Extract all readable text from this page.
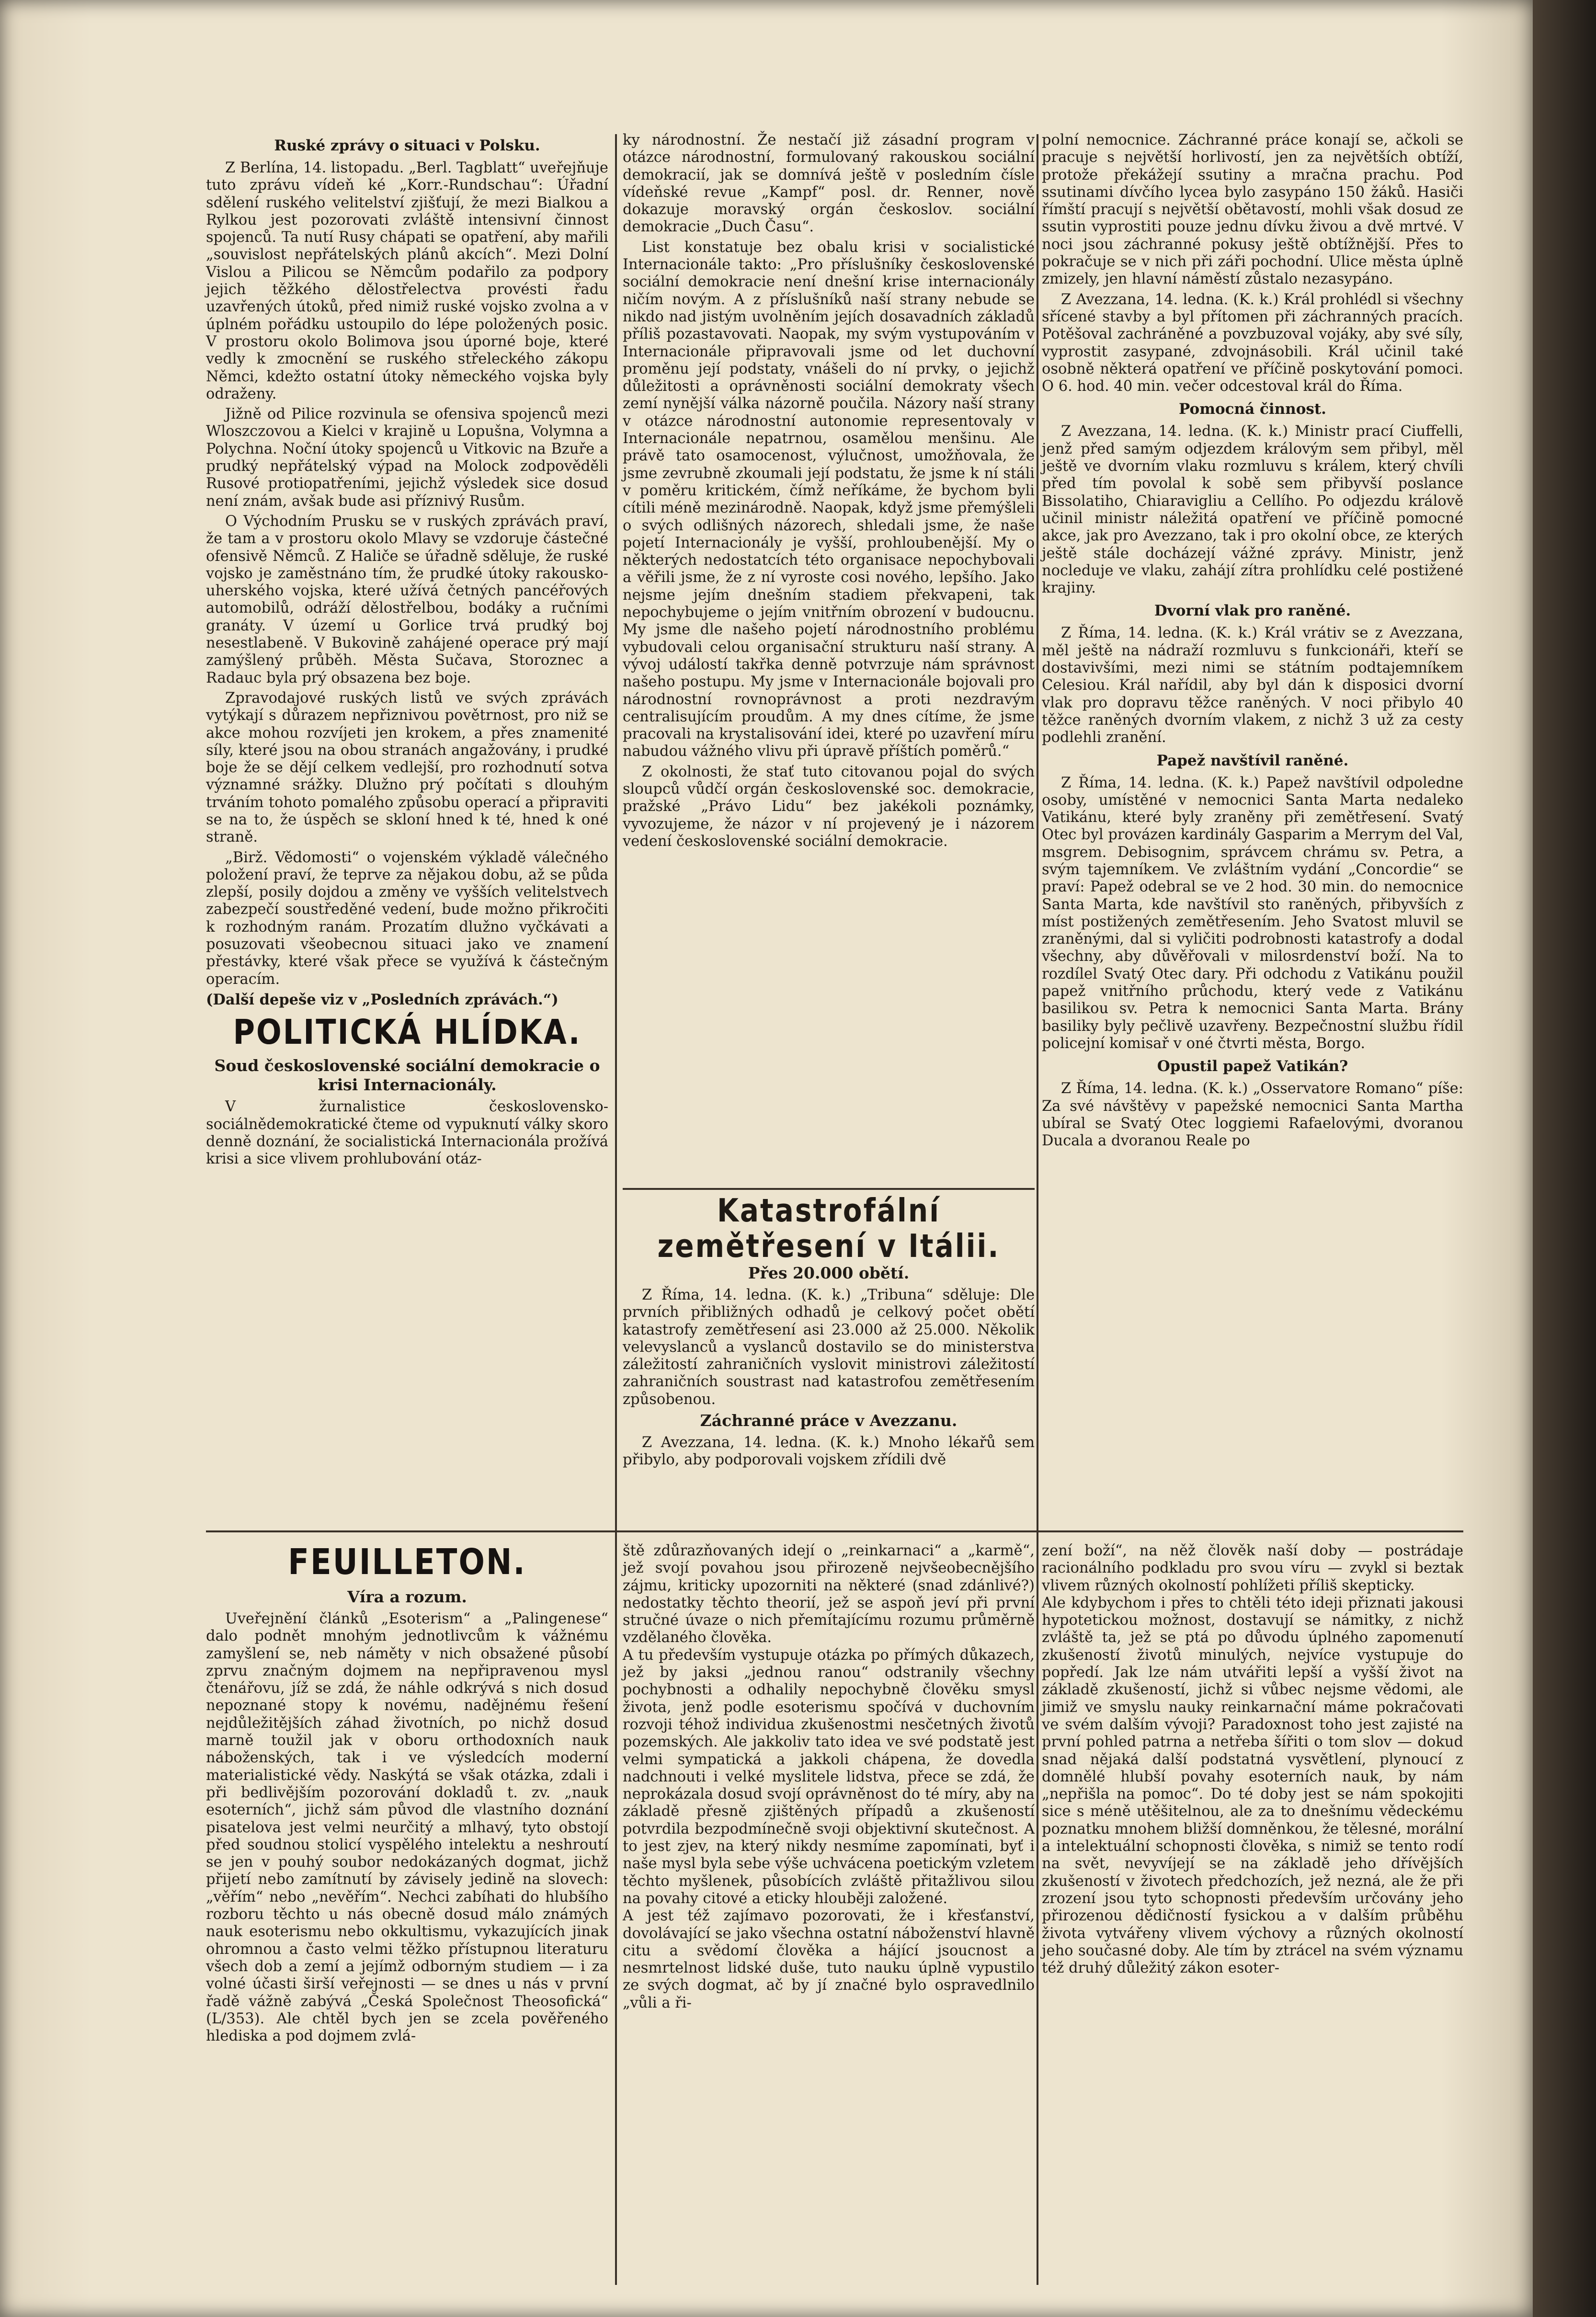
Ruské zprávy o situaci v Polsku.

Z Berlína, 14. listopadu. „Berl. Tagblatt“ uveřejňuje tuto zprávu vídeň ké „Korr.-Rundschau“: Úřadní sdělení ruského velitelství zjišťují, že mezi Bialkou a Rylkou jest pozorovati zvláště intensivní činnost spojenců. Ta nutí Rusy chápati se opatření, aby mařili „souvislost nepřátelských plánů akcích“. Mezi Dolní Vislou a Pilicou se Němcům podařilo za podpory jejich těžkého dělostřelectva provésti řadu uzavřených útoků, před nimiž ruské vojsko zvolna a v úplném pořádku ustoupilo do lépe položených posic. V prostoru okolo Bolimova jsou úporné boje, které vedly k zmocnění se ruského střeleckého zákopu Němci, kdežto ostatní útoky německého vojska byly odraženy.

Jižně od Pilice rozvinula se ofensiva spojenců mezi Wloszczovou a Kielci v krajině u Lopušna, Volymna a Polychna. Noční útoky spojenců u Vitkovic na Bzuře a prudký nepřátelský výpad na Molock zodpověděli Rusové protiopatřeními, jejichž výsledek sice dosud není znám, avšak bude asi příznivý Rusům.

O Východním Prusku se v ruských zprávách praví, že tam a v prostoru okolo Mlavy se vzdoruje částečné ofensivě Němců. Z Haliče se úřadně sděluje, že ruské vojsko je zaměstnáno tím, že prudké útoky rakousko-uherského vojska, které užívá četných pancéřových automobilů, odráží dělostřelbou, bodáky a ručními granáty. V území u Gorlice trvá prudký boj nesestlabeně. V Bukovině zahájené operace prý mají zamýšlený průběh. Města Sučava, Storoznec a Radauc byla prý obsazena bez boje.

Zpravodajové ruských listů ve svých zprávách vytýkají s důrazem nepřiznivou povětrnost, pro niž se akce mohou rozvíjeti jen krokem, a přes znamenité síly, které jsou na obou stranách angažovány, i prudké boje že se dějí celkem vedlejší, pro rozhodnutí sotva významné srážky. Dlužno prý počítati s dlouhým trváním tohoto pomalého způsobu operací a připraviti se na to, že úspěch se skloní hned k té, hned k oné straně.

„Birž. Vědomosti“ o vojenském výkladě válečného položení praví, že teprve za nějakou dobu, až se půda zlepší, posily dojdou a změny ve vyšších velitelstvech zabezpečí soustředěné vedení, bude možno přikročiti k rozhodným ranám. Prozatím dlužno vyčkávati a posuzovati všeobecnou situaci jako ve znamení přestávky, které však přece se využívá k částečným operacím.

(Další depeše viz v „Posledních zprávách.“)

POLITICKÁ HLÍDKA.
Soud československé sociální demokracie o krisi Internacionály.

V žurnalistice československo-sociálnědemokratické čteme od vypuknutí války skoro denně doznání, že socialistická Internacionála prožívá krisi a sice vlivem prohlubování otáz-

ky národnostní. Že nestačí již zásadní program v otázce národnostní, formulovaný rakouskou sociální demokracií, jak se domnívá ještě v posledním čísle vídeňské revue „Kampf“ posl. dr. Renner, nově dokazuje moravský orgán českoslov. sociální demokracie „Duch Času“.

List konstatuje bez obalu krisi v socialistické Internacionále takto: „Pro příslušníky československé sociální demokracie není dnešní krise internacionály ničím novým. A z příslušníků naší strany nebude se nikdo nad jistým uvolněním jejích dosavadních základů příliš pozastavovati. Naopak, my svým vystupováním v Internacionále připravovali jsme od let duchovní proměnu její podstaty, vnášeli do ní prvky, o jejichž důležitosti a oprávněnosti sociální demokraty všech zemí nynější válka názorně poučila. Názory naší strany v otázce národnostní autonomie representovaly v Internacionále nepatrnou, osamělou menšinu. Ale právě tato osamocenost, výlučnost, umožňovala, že jsme zevrubně zkoumali její podstatu, že jsme k ní stáli v poměru kritickém, čímž neříkáme, že bychom byli cítili méně mezinárodně. Naopak, když jsme přemýšleli o svých odlišných názorech, shledali jsme, že naše pojetí Internacionály je vyšší, prohloubenější. My o některých nedostatcích této organisace nepochybovali a věřili jsme, že z ní vyroste cosi nového, lepšího. Jako nejsme jejím dnešním stadiem překvapeni, tak nepochybujeme o jejím vnitřním obrození v budoucnu. My jsme dle našeho pojetí národnostního problému vybudovali celou organisační strukturu naší strany. A vývoj událostí takřka denně potvrzuje nám správnost našeho postupu. My jsme v Internacionále bojovali pro národnostní rovnoprávnost a proti nezdravým centralisujícím proudům. A my dnes cítíme, že jsme pracovali na krystalisování idei, které po uzavření míru nabudou vážného vlivu při úpravě příštích poměrů.“

Z okolnosti, že stať tuto citovanou pojal do svých sloupců vůdčí orgán československé soc. demokracie, pražské „Právo Lidu“ bez jakékoli poznámky, vyvozujeme, že názor v ní projevený je i názorem vedení československé sociální demokracie.

Katastrofální zemětřesení v Itálii.
Přes 20.000 obětí.

Z Říma, 14. ledna. (K. k.) „Tribuna“ sděluje: Dle prvních přibližných odhadů je celkový počet obětí katastrofy zemětřesení asi 23.000 až 25.000. Několik velevyslanců a vyslanců dostavilo se do ministerstva záležitostí zahraničních vyslovit ministrovi záležitostí zahraničních soustrast nad katastrofou zemětřesením způsobenou.

Záchranné práce v Avezzanu.

Z Avezzana, 14. ledna. (K. k.) Mnoho lékařů sem přibylo, aby podporovali vojskem zřídili dvě

polní nemocnice. Záchranné práce konají se, ačkoli se pracuje s největší horlivostí, jen za největších obtíží, protože překážejí ssutiny a mračna prachu. Pod ssutinami dívčího lycea bylo zasypáno 150 žáků. Hasiči římští pracují s největší obětavostí, mohli však dosud ze ssutin vyprostiti pouze jednu dívku živou a dvě mrtvé. V noci jsou záchranné pokusy ještě obtížnější. Přes to pokračuje se v nich při záři pochodní. Ulice města úplně zmizely, jen hlavní náměstí zůstalo nezasypáno.

Z Avezzana, 14. ledna. (K. k.) Král prohlédl si všechny sřícené stavby a byl přítomen při záchranných pracích. Potěšoval zachráněné a povzbuzoval vojáky, aby své síly, vyprostit zasypané, zdvojnásobili. Král učinil také osobně některá opatření ve příčině poskytování pomoci. O 6. hod. 40 min. večer odcestoval král do Říma.

Pomocná činnost.

Z Avezzana, 14. ledna. (K. k.) Ministr prací Ciuffelli, jenž před samým odjezdem královým sem přibyl, měl ještě ve dvorním vlaku rozmluvu s králem, který chvíli před tím povolal k sobě sem přibyvší poslance Bissolatiho, Chiaravigliu a Cellího. Po odjezdu králově učinil ministr náležitá opatření ve příčině pomocné akce, jak pro Avezzano, tak i pro okolní obce, ze kterých ještě stále docházejí vážné zprávy. Ministr, jenž nocleduje ve vlaku, zahájí zítra prohlídku celé postižené krajiny.

Dvorní vlak pro raněné.

Z Říma, 14. ledna. (K. k.) Král vrátiv se z Avezzana, měl ještě na nádraží rozmluvu s funkcionáři, kteří se dostavivšími, mezi nimi se státním podtajemníkem Celesiou. Král nařídil, aby byl dán k disposici dvorní vlak pro dopravu těžce raněných. V noci přibylo 40 těžce raněných dvorním vlakem, z nichž 3 už za cesty podlehli zranění.

Papež navštívil raněné.

Z Říma, 14. ledna. (K. k.) Papež navštívil odpoledne osoby, umístěné v nemocnici Santa Marta nedaleko Vatikánu, které byly zraněny při zemětřesení. Svatý Otec byl provázen kardinály Gasparim a Merrym del Val, msgrem. Debisognim, správcem chrámu sv. Petra, a svým tajemníkem. Ve zvláštním vydání „Concordie“ se praví: Papež odebral se ve 2 hod. 30 min. do nemocnice Santa Marta, kde navštívil sto raněných, přibyvších z míst postižených zemětřesením. Jeho Svatost mluvil se zraněnými, dal si vyličiti podrobnosti katastrofy a dodal všechny, aby důvěřovali v milosrdenství boží. Na to rozdílel Svatý Otec dary. Při odchodu z Vatikánu použil papež vnitřního průchodu, který vede z Vatikánu basilikou sv. Petra k nemocnici Santa Marta. Brány basiliky byly pečlivě uzavřeny. Bezpečnostní službu řídil policejní komisař v oné čtvrti města, Borgo.

Opustil papež Vatikán?

Z Říma, 14. ledna. (K. k.) „Osservatore Romano“ píše: Za své návštěvy v papežské nemocnici Santa Martha ubíral se Svatý Otec loggiemi Rafaelovými, dvoranou Ducala a dvoranou Reale po

FEUILLETON.
Víra a rozum.

Uveřejnění článků „Esoterism“ a „Palingenese“ dalo podnět mnohým jednotlivcům k vážnému zamyšlení se, neb náměty v nich obsažené působí zprvu značným dojmem na nepřipravenou mysl čtenářovu, jíž se zdá, že náhle odkrývá s nich dosud nepoznané stopy k novému, nadějnému řešení nejdůležitějších záhad životních, po nichž dosud marně toužil jak v oboru orthodoxních nauk náboženských, tak i ve výsledcích moderní materialistické vědy. Naskýtá se však otázka, zdali i při bedlivějším pozorování dokladů t. zv. „nauk esoterních“, jichž sám původ dle vlastního doznání pisatelova jest velmi neurčitý a mlhavý, tyto obstojí před soudnou stolicí vyspělého intelektu a neshroutí se jen v pouhý soubor nedokázaných dogmat, jichž přijetí nebo zamítnutí by závisely jedině na slovech: „věřím“ nebo „nevěřím“. Nechci zabíhati do hlubšího rozboru těchto u nás obecně dosud málo známých nauk esoterismu nebo okkultismu, vykazujících jinak ohromnou a často velmi těžko přístupnou literaturu všech dob a zemí a jejímž odborným studiem — i za volné účasti širší veřejnosti — se dnes u nás v první řadě vážně zabývá „Česká Společnost Theosofická“ (L/353). Ale chtěl bych jen se zcela pověřeného hlediska a pod dojmem zvlá-

ště zdůrazňovaných idejí o „reinkarnaci“ a „karmě“, jež svojí povahou jsou přirozeně nejvšeobecnějšího zájmu, kriticky upozorniti na některé (snad zdánlivé?) nedostatky těchto theorií, jež se aspoň jeví při první stručné úvaze o nich přemítajícímu rozumu průměrně vzdělaného člověka.
A tu především vystupuje otázka po přímých důkazech, jež by jaksi „jednou ranou“ odstranily všechny pochybnosti a odhalily nepochybně člověku smysl života, jenž podle esoterismu spočívá v duchovním rozvoji téhož individua zkušenostmi nesčetných životů pozemských. Ale jakkoliv tato idea ve své podstatě jest velmi sympatická a jakkoli chápena, že dovedla nadchnouti i velké myslitele lidstva, přece se zdá, že neprokázala dosud svojí oprávněnost do té míry, aby na základě přesně zjištěných případů a zkušeností potvrdila bezpodmínečně svoji objektivní skutečnost. A to jest zjev, na který nikdy nesmíme zapomínati, byť i naše mysl byla sebe výše uchvácena poetickým vzletem těchto myšlenek, působících zvláště přitažlivou silou na povahy citové a eticky hlouběji založené.
A jest též zajímavo pozorovati, že i křesťanství, dovolávající se jako všechna ostatní náboženství hlavně citu a svědomí člověka a hájící jsoucnost a nesmrtelnost lidské duše, tuto nauku úplně vypustilo ze svých dogmat, ač by jí značné bylo ospravedlnilo „vůli a ři-

zení boží“, na něž člověk naší doby — postrádaje racionálního podkladu pro svou víru — zvykl si beztak vlivem různých okolností pohlížeti příliš skepticky.
Ale kdybychom i přes to chtěli této ideji přiznati jakousi hypotetickou možnost, dostavují se námitky, z nichž zvláště ta, jež se ptá po důvodu úplného zapomenutí zkušeností životů minulých, nejvíce vystupuje do popředí. Jak lze nám utvářiti lepší a vyšší život na základě zkušeností, jichž si vůbec nejsme vědomi, ale jimiž ve smyslu nauky reinkarnační máme pokračovati ve svém dalším vývoji? Paradoxnost toho jest zajisté na první pohled patrna a netřeba šířiti o tom slov — dokud snad nějaká další podstatná vysvětlení, plynoucí z domnělé hlubší povahy esoterních nauk, by nám „nepřišla na pomoc“. Do té doby jest se nám spokojiti sice s méně utěšitelnou, ale za to dnešnímu vědeckému poznatku mnohem bližší domněnkou, že tělesné, morální a intelektuální schopnosti člověka, s nimiž se tento rodí na svět, nevyvíjejí se na základě jeho dřívějších zkušeností v životech předchozích, jež nezná, ale že při zrození jsou tyto schopnosti především určovány jeho přirozenou dědičností fysickou a v dalším průběhu života vytvářeny vlivem výchovy a různých okolností jeho současné doby. Ale tím by ztrácel na svém významu též druhý důležitý zákon esoter-
